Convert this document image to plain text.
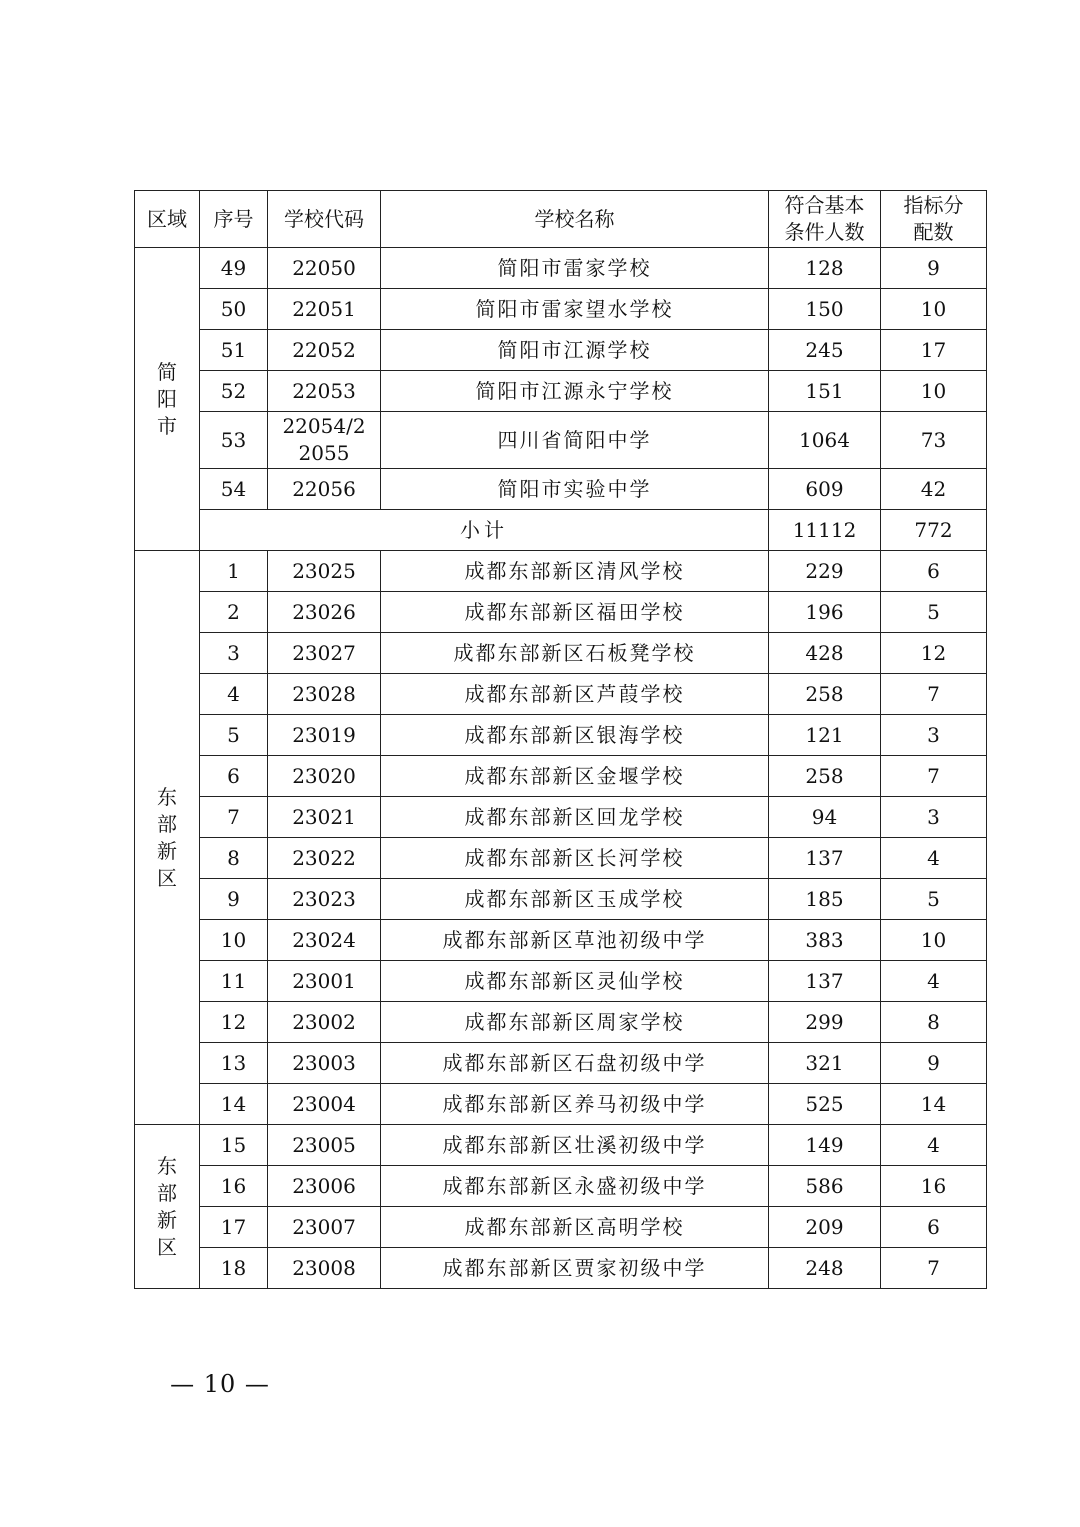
区域	序号	学校代码	学校名称	符合基本条件人数	指标分配数
简阳市	49	22050	简阳市雷家学校	128	9
	50	22051	简阳市雷家望水学校	150	10
	51	22052	简阳市江源学校	245	17
	52	22053	简阳市江源永宁学校	151	10
	53	22054/22055	四川省简阳中学	1064	73
	54	22056	简阳市实验中学	609	42
	小计			11112	772
东部新区	1	23025	成都东部新区清风学校	229	6
	2	23026	成都东部新区福田学校	196	5
	3	23027	成都东部新区石板凳学校	428	12
	4	23028	成都东部新区芦葭学校	258	7
	5	23019	成都东部新区银海学校	121	3
	6	23020	成都东部新区金堰学校	258	7
	7	23021	成都东部新区回龙学校	94	3
	8	23022	成都东部新区长河学校	137	4
	9	23023	成都东部新区玉成学校	185	5
	10	23024	成都东部新区草池初级中学	383	10
	11	23001	成都东部新区灵仙学校	137	4
	12	23002	成都东部新区周家学校	299	8
	13	23003	成都东部新区石盘初级中学	321	9
	14	23004	成都东部新区养马初级中学	525	14
东部新区	15	23005	成都东部新区壮溪初级中学	149	4
	16	23006	成都东部新区永盛初级中学	586	16
	17	23007	成都东部新区高明学校	209	6
	18	23008	成都东部新区贾家初级中学	248	7
— 10 —
